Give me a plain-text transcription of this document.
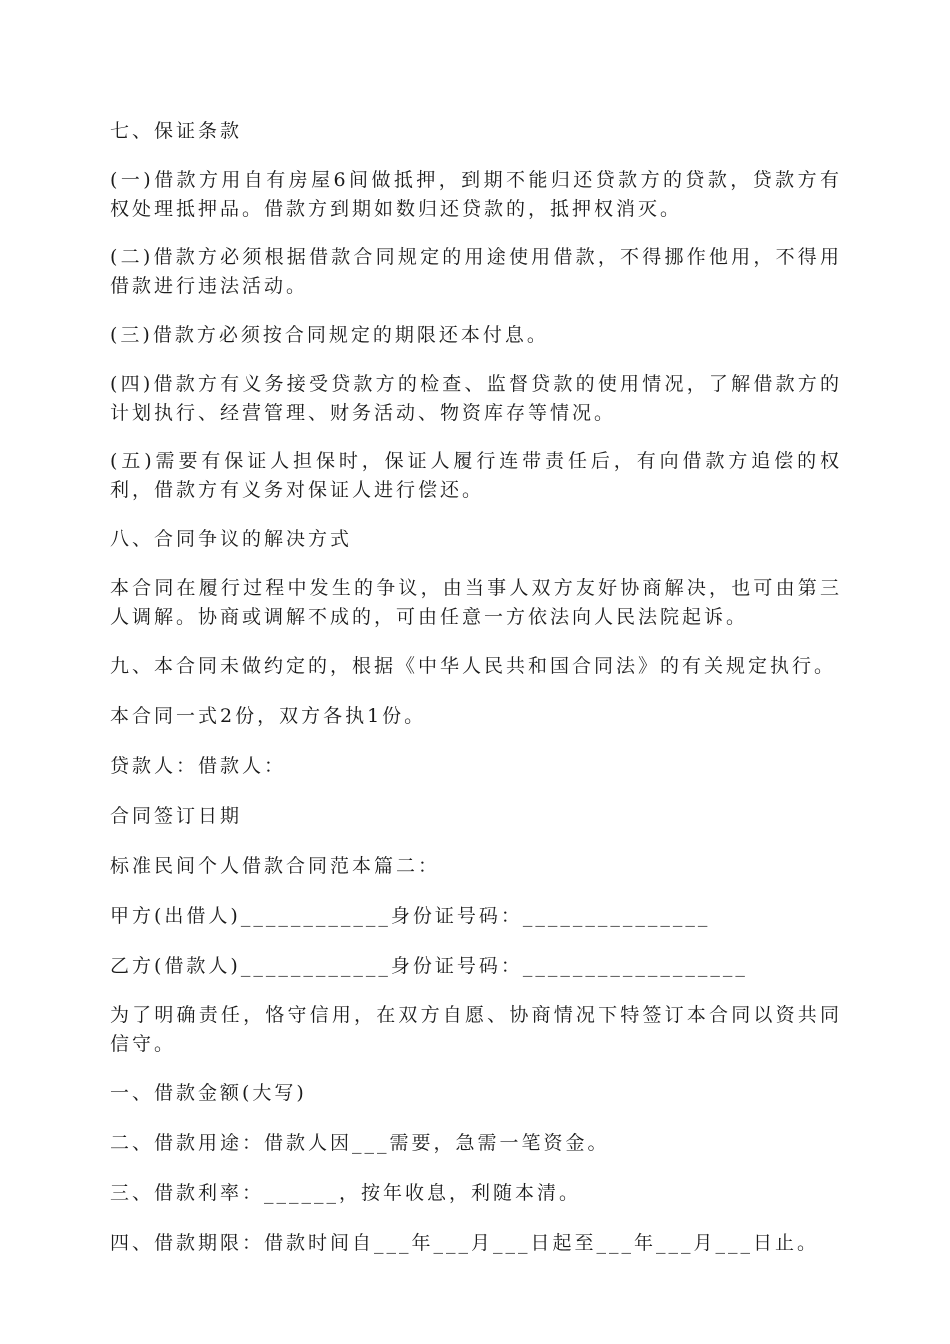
七、保证条款

(一)借款方用自有房屋6间做抵押，到期不能归还贷款方的贷款，贷款方有权处理抵押品。借款方到期如数归还贷款的，抵押权消灭。

(二)借款方必须根据借款合同规定的用途使用借款，不得挪作他用，不得用借款进行违法活动。

(三)借款方必须按合同规定的期限还本付息。

(四)借款方有义务接受贷款方的检查、监督贷款的使用情况，了解借款方的计划执行、经营管理、财务活动、物资库存等情况。

(五)需要有保证人担保时，保证人履行连带责任后，有向借款方追偿的权利，借款方有义务对保证人进行偿还。

八、合同争议的解决方式

本合同在履行过程中发生的争议，由当事人双方友好协商解决，也可由第三人调解。协商或调解不成的，可由任意一方依法向人民法院起诉。

九、本合同未做约定的，根据《中华人民共和国合同法》的有关规定执行。

本合同一式2份，双方各执1份。

贷款人：借款人：

合同签订日期

标准民间个人借款合同范本篇二：

甲方(出借人)____________身份证号码：_______________

乙方(借款人)____________身份证号码：__________________

为了明确责任，恪守信用，在双方自愿、协商情况下特签订本合同以资共同信守。

一、借款金额(大写)

二、借款用途：借款人因___需要，急需一笔资金。

三、借款利率：______，按年收息，利随本清。

四、借款期限：借款时间自___年___月___日起至___年___月___日止。
